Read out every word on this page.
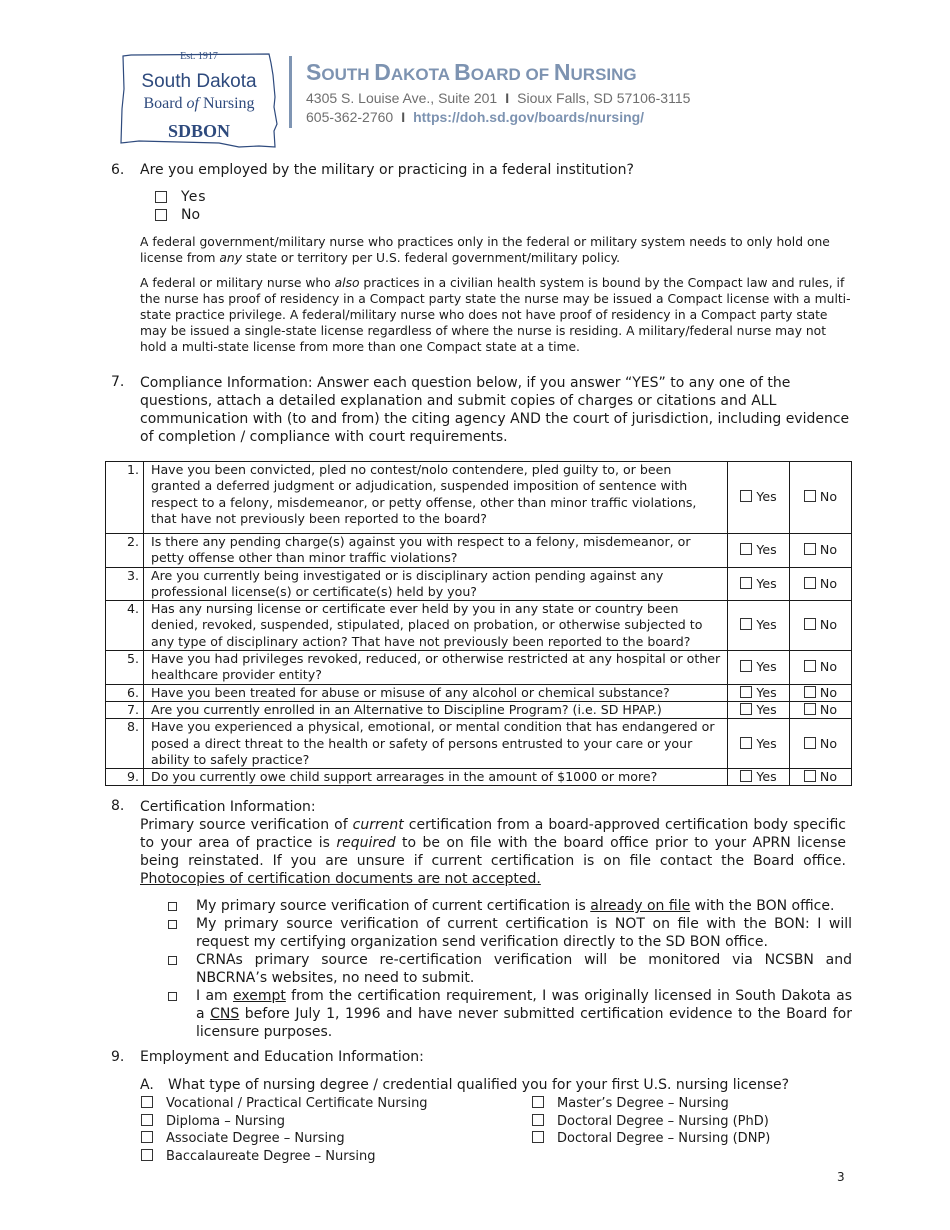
Est. 1917
South Dakota
Board of Nursing
SDBON
SOUTH DAKOTA BOARD OF NURSING
4305 S. Louise Ave., Suite 201 I Sioux Falls, SD 57106-3115
605-362-2760 I https://doh.sd.gov/boards/nursing/
6. Are you employed by the military or practicing in a federal institution?
Yes
No
A federal government/military nurse who practices only in the federal or military system needs to only hold one license from any state or territory per U.S. federal government/military policy.
A federal or military nurse who also practices in a civilian health system is bound by the Compact law and rules, if the nurse has proof of residency in a Compact party state the nurse may be issued a Compact license with a multi-state practice privilege. A federal/military nurse who does not have proof of residency in a Compact party state may be issued a single-state license regardless of where the nurse is residing. A military/federal nurse may not hold a multi-state license from more than one Compact state at a time.
7. Compliance Information: Answer each question below, if you answer “YES” to any one of the questions, attach a detailed explanation and submit copies of charges or citations and ALL communication with (to and from) the citing agency AND the court of jurisdiction, including evidence of completion / compliance with court requirements.
1.	Have you been convicted, pled no contest/nolo contendere, pled guilty to, or been granted a deferred judgment or adjudication, suspended imposition of sentence with respect to a felony, misdemeanor, or petty offense, other than minor traffic violations, that have not previously been reported to the board?	Yes	No
2.	Is there any pending charge(s) against you with respect to a felony, misdemeanor, or petty offense other than minor traffic violations?	Yes	No
3.	Are you currently being investigated or is disciplinary action pending against any professional license(s) or certificate(s) held by you?	Yes	No
4.	Has any nursing license or certificate ever held by you in any state or country been denied, revoked, suspended, stipulated, placed on probation, or otherwise subjected to any type of disciplinary action? That have not previously been reported to the board?	Yes	No
5.	Have you had privileges revoked, reduced, or otherwise restricted at any hospital or other healthcare provider entity?	Yes	No
6.	Have you been treated for abuse or misuse of any alcohol or chemical substance?	Yes	No
7.	Are you currently enrolled in an Alternative to Discipline Program? (i.e. SD HPAP.)	Yes	No
8.	Have you experienced a physical, emotional, or mental condition that has endangered or posed a direct threat to the health or safety of persons entrusted to your care or your ability to safely practice?	Yes	No
9.	Do you currently owe child support arrearages in the amount of $1000 or more?	Yes	No
8. Certification Information:
Primary source verification of current certification from a board-approved certification body specific to your area of practice is required to be on file with the board office prior to your APRN license being reinstated. If you are unsure if current certification is on file contact the Board office. Photocopies of certification documents are not accepted.
My primary source verification of current certification is already on file with the BON office.
My primary source verification of current certification is NOT on file with the BON: I will request my certifying organization send verification directly to the SD BON office.
CRNAs primary source re-certification verification will be monitored via NCSBN and NBCRNA’s websites, no need to submit.
I am exempt from the certification requirement, I was originally licensed in South Dakota as a CNS before July 1, 1996 and have never submitted certification evidence to the Board for licensure purposes.
9. Employment and Education Information:
A. What type of nursing degree / credential qualified you for your first U.S. nursing license?
Vocational / Practical Certificate Nursing
Diploma – Nursing
Associate Degree – Nursing
Baccalaureate Degree – Nursing
Master’s Degree – Nursing
Doctoral Degree – Nursing (PhD)
Doctoral Degree – Nursing (DNP)
3
